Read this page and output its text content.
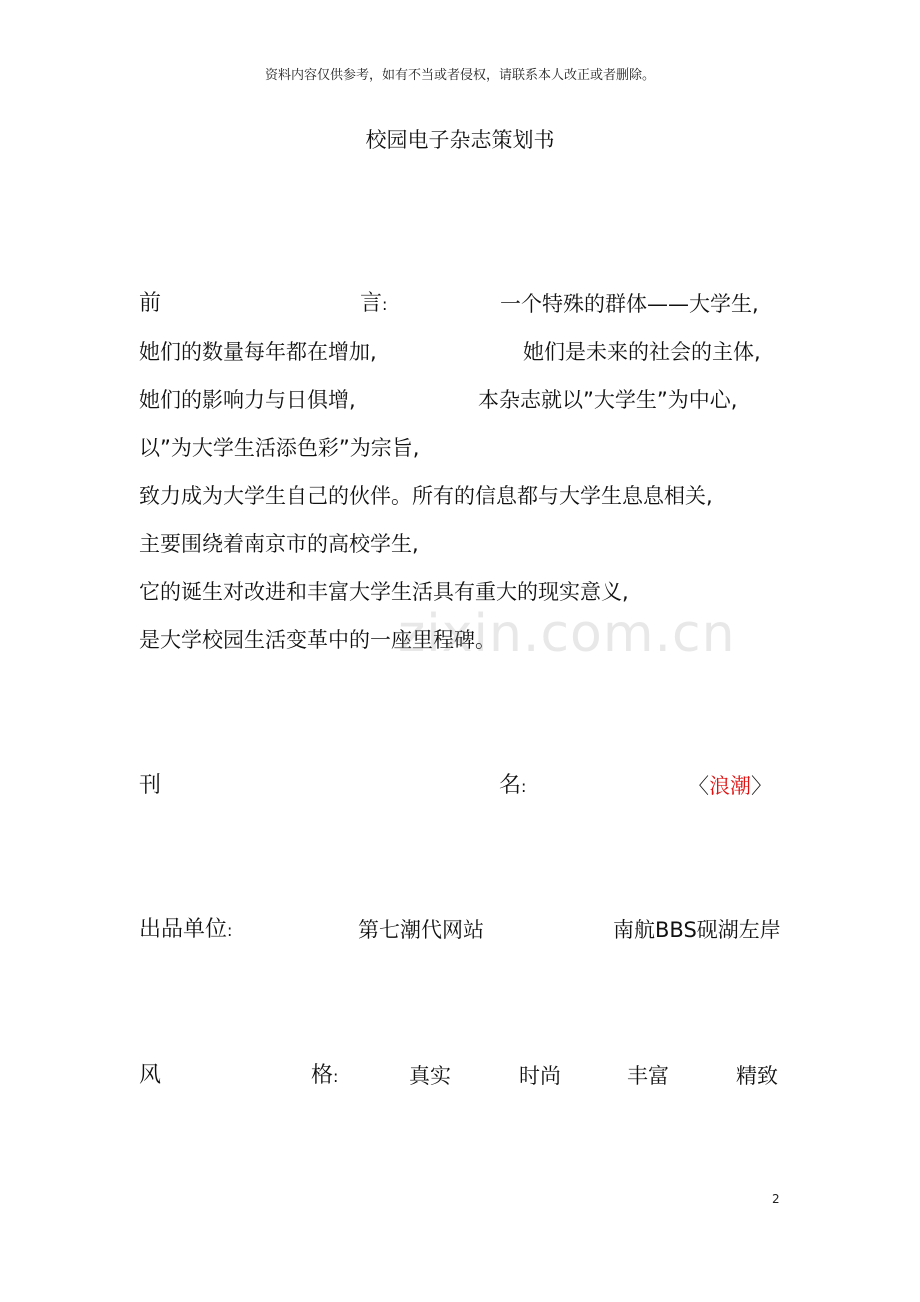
资料内容仅供参考，如有不当或者侵权，请联系本人改正或者删除。
校园电子杂志策划书
前	言:	一个特殊的群体——大学生,
她们的数量每年都在增加,	她们是未来的社会的主体,
她们的影响力与日俱增,	本杂志就以”大学生”为中心,
以”为大学生活添色彩”为宗旨,
致力成为大学生自己的伙伴。所有的信息都与大学生息息相关,
主要围绕着南京市的高校学生,
它的诞生对改进和丰富大学生活具有重大的现实意义,
是大学校园生活变革中的一座里程碑。
zixin.com.cn
刊	名:	〈浪潮〉
出品单位:	第七潮代网站	南航BBS砚湖左岸
风	格:	真实	时尚	丰富	精致
2
